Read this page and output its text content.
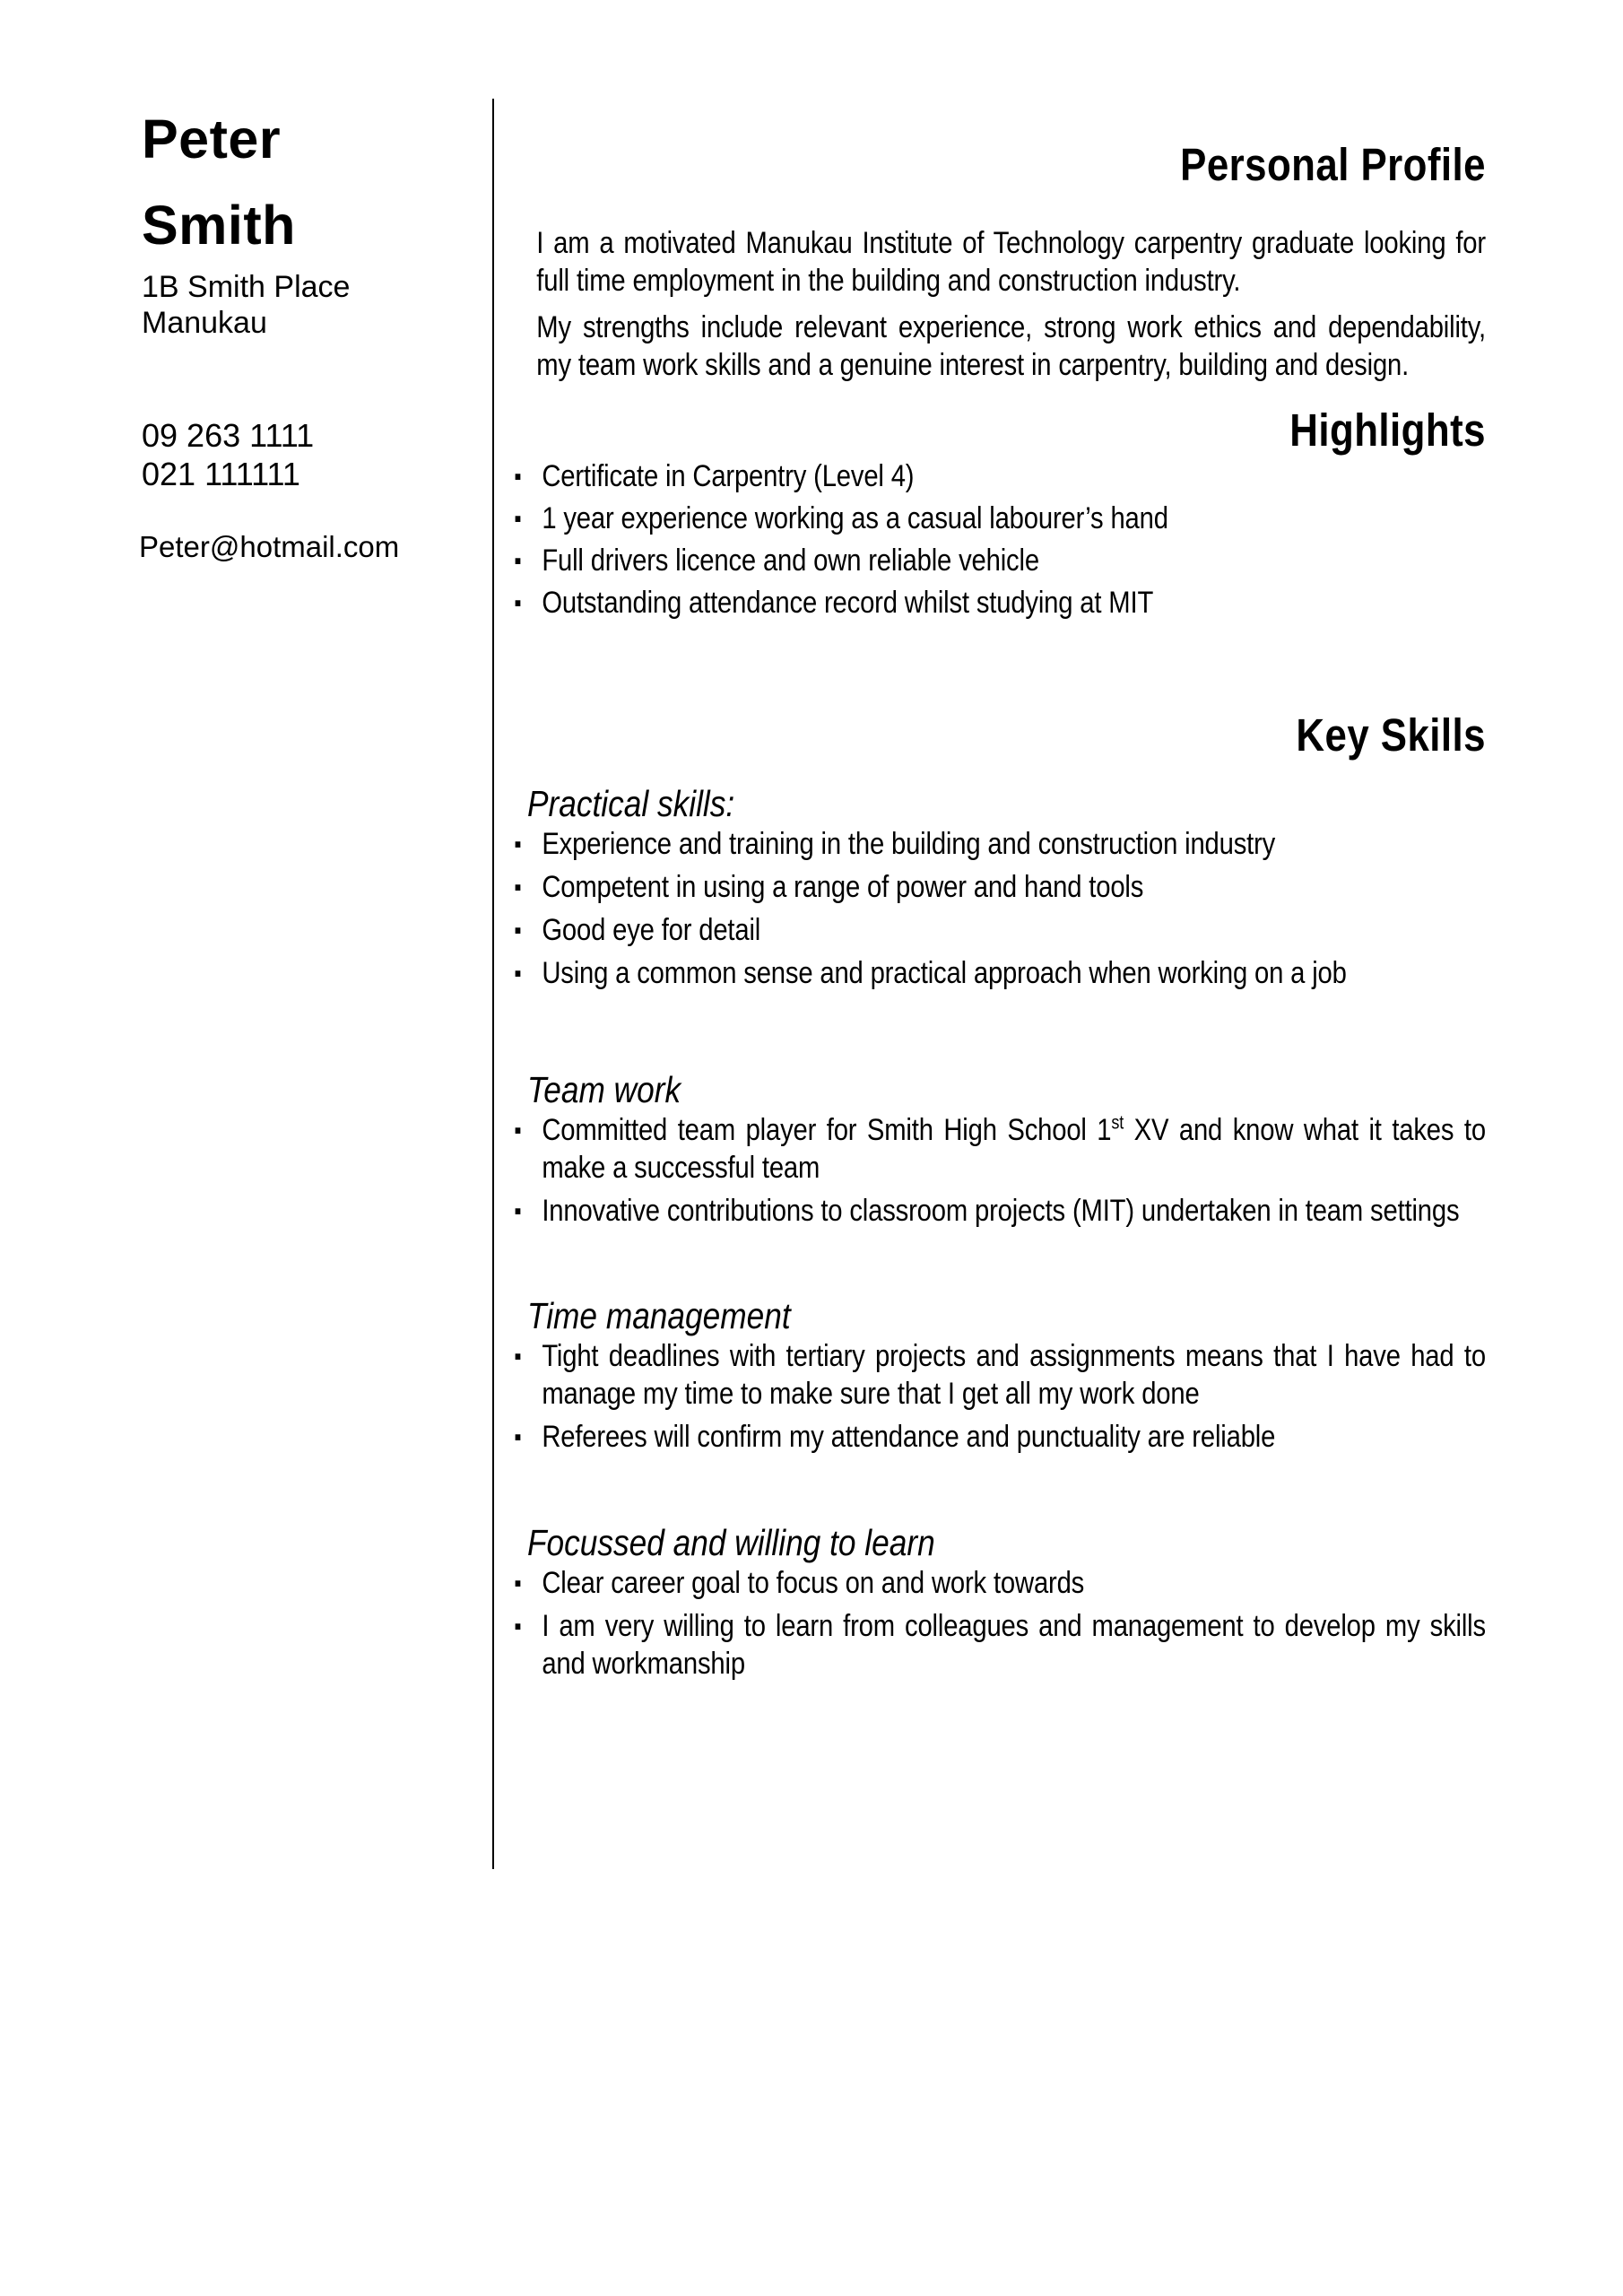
Peter
Smith
1B Smith Place
Manukau
09 263 1111
021 111111
Peter@hotmail.com
Personal Profile

I am a motivated Manukau Institute of Technology carpentry graduate looking for full time employment in the building and construction industry.

My strengths include relevant experience, strong work ethics and dependability, my team work skills and a genuine interest in carpentry, building and design.

Highlights
▪ Certificate in Carpentry (Level 4)
▪ 1 year experience working as a casual labourer’s hand
▪ Full drivers licence and own reliable vehicle
▪ Outstanding attendance record whilst studying at MIT
Key Skills
Practical skills:
▪ Experience and training in the building and construction industry
▪ Competent in using a range of power and hand tools
▪ Good eye for detail
▪ Using a common sense and practical approach when working on a job
Team work
▪ Committed team player for Smith High School 1st XV and know what it takes to make a successful team
▪ Innovative contributions to classroom projects (MIT) undertaken in team settings
Time management
▪ Tight deadlines with tertiary projects and assignments means that I have had to manage my time to make sure that I get all my work done
▪ Referees will confirm my attendance and punctuality are reliable
Focussed and willing to learn
▪ Clear career goal to focus on and work towards
▪ I am very willing to learn from colleagues and management to develop my skills and workmanship
